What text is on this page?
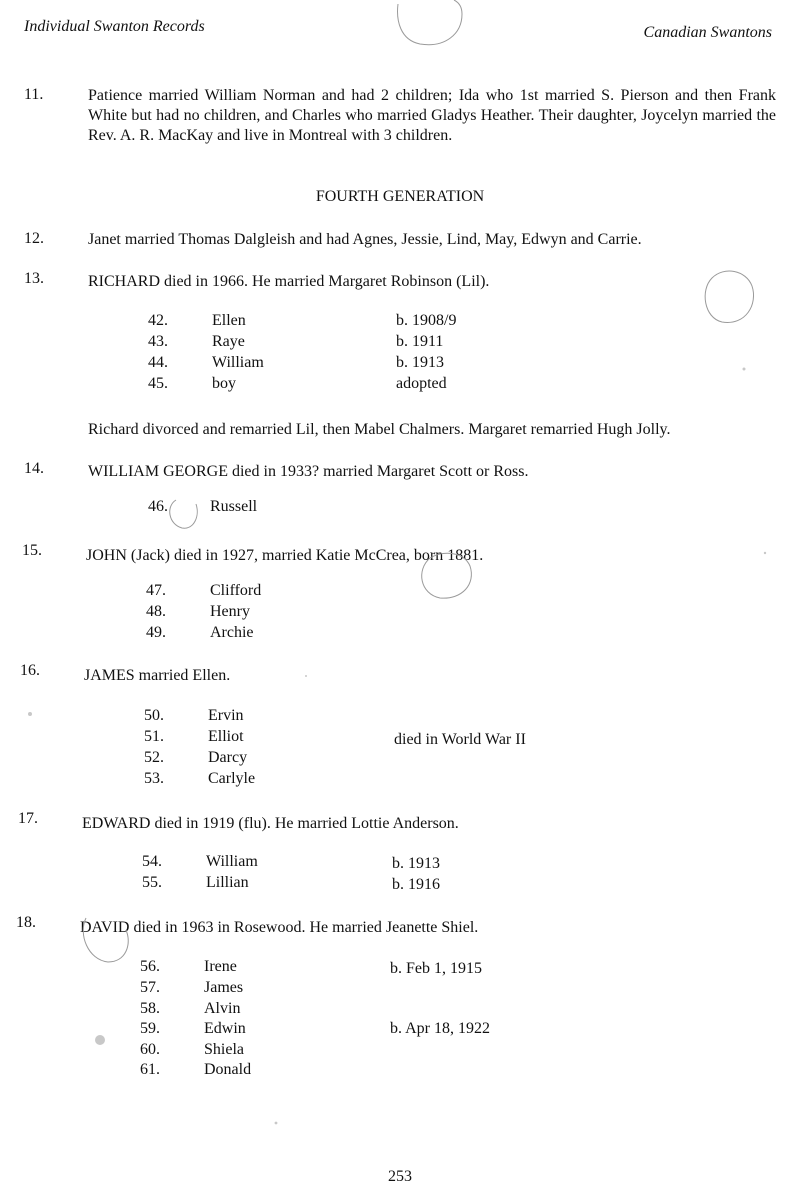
Individual Swanton Records	Canadian Swantons
11.	Patience married William Norman and had 2 children; Ida who 1st married S. Pierson and then Frank White but had no children, and Charles who married Gladys Heather. Their daughter, Joycelyn married the Rev. A. R. MacKay and live in Montreal with 3 children.
FOURTH GENERATION
12.	Janet married Thomas Dalgleish and had Agnes, Jessie, Lind, May, Edwyn and Carrie.
13.	RICHARD died in 1966. He married Margaret Robinson (Lil).
42.	Ellen	b. 1908/9
43.	Raye	b. 1911
44.	William	b. 1913
45.	boy	adopted
Richard divorced and remarried Lil, then Mabel Chalmers. Margaret remarried Hugh Jolly.
14.	WILLIAM GEORGE died in 1933? married Margaret Scott or Ross.
46.	Russell
15.	JOHN (Jack) died in 1927, married Katie McCrea, born 1881.
47.	Clifford
48.	Henry
49.	Archie
16.	JAMES married Ellen.
50.	Ervin
51.	Elliot	died in World War II
52.	Darcy
53.	Carlyle
17.	EDWARD died in 1919 (flu). He married Lottie Anderson.
54.	William	b. 1913
55.	Lillian	b. 1916
18.	DAVID died in 1963 in Rosewood. He married Jeanette Shiel.
56.	Irene	b. Feb 1, 1915
57.	James
58.	Alvin
59.	Edwin	b. Apr 18, 1922
60.	Shiela
61.	Donald
253
